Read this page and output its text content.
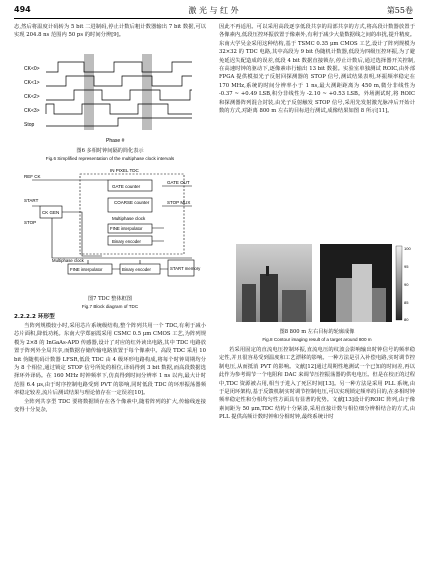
494	激 光 与 红 外	第55卷

态,然后将温度计码转为 5 bit 二进制码,停止计数后粗计数器输出 7 bit 数据,可以实现 204.8 ns 范围内 50 ps 的时间分辨[9]。

CK<0>
CK<1>
CK<2>
CK<3>
Stop
Phase #
图6 多相时钟间隔的简化表示
Fig.6 Simplified representation of the multiphase clock intervals
IN PIXEL TDC
REF CK
GATE counter
COARSE counter
GATE OUT
STOP MUX
START
STOP
CK GEN
Multiphase clock
FINE interpolator
Binary encoder
Multiphase clock
FINE interpolator	Binary encoder	START memory
图7 TDC 整体框图
Fig.7 Block diagram of TDC
2.2.2.2 环形型

当阵列规模较小时,采用芯片系统级结构,整个阵列共用一个 TDC,有利于减小芯片面积,降低功耗。东南大学郑丽霞采用 CSMC 0.5 μm CMOS 工艺,为阵列规模为 2×8 的 InGaAs-APD 传感器,设计了对应的红外读出电路,其中 TDC 电路放置于阵列外全局共享,而数据存储传输电路放置于每个像素中。高段 TDC 采用 10 bit 伪随机码计数器 LFSR,低段 TDC 由 4 级环形电路构成,将每个时钟周期均分为 8 个相位,通过锁定 STOP 信号所处的相位,译码得到 3 bit 数据,而高段数据选择环外译码。在 160 MHz 时钟频率下,仿真得到时间分辨率 1 ns 以内,最大计时范围 6.4 μs,由于时序控制电路受到 PVT 的影响,同时低段 TDC 的环形振荡器频率稳定较差,流片后测试结果与理论值存在一定误差[10]。

全阵列共享型 TDC 要将数据锁存在各个像素中,随着阵列的扩大,传输线连接变得十分复杂,

因此不再适用。可以采用高段逐享低段共享的局部共享的方式,将高段计数器放置于各像素内,低段压控环振放置于像素外,有利于减少大量数据线之间的串扰,提升精度。东南大学吴金采用这种结构,基于 TSMC 0.35 μm CMOS 工艺,设计了阵列规模为32×32 的 TDC 电路,其中高段为 9 bit 伪随机计数器,低段为四级压控环振,为了避免延迟失配造成的误差,低段 4 bit 数据直接锁存,停止计数后,通过选择器开关控制,在高速时钟的驱动下,逐像素串行输出 13 bit 数据。实验室单独测试 ROIC,由外部 FPGA 提供模拟光子反射回探测器的 STOP 信号,测试结果表明,环振频率稳定在170 MHz,系统的时间分辨率小于 1 ns,最大测距距离为 450 m,微分非线性为 -0.37 ~ +0.49 LSB,积分非线性为 -2.10 ~ +0.53 LSB。外场测试时,将 ROIC 和探测器阵列混合封装,由光子反射触发 STOP 信号,采用先发射激光脉冲后开始计数的方式,对距离 800 m 左右的目标进行测试,成像结果如图 8 所示[11]。

100
95
90
85
80
图8 800 m 左右目标的轮廓成像
Fig.8 Contour imaging result of a target around 800 m

若采用固定的直流电压控制环振,直流电压的纹波会影响输出时钟信号的频率稳定性,并且很容易受到温度和工艺漂移的影响。一种方法是引入补偿电路,实时调节控制电压,从而抵消 PVT 的影响。文献[12]通过周期性地测试一个已知的时间差,再以此作为参考调节一个电阻和 DAC 来调节压控振荡器的供电电压。但是在校正的过程中,TDC 资源被占用,相当于进入了死区时间[13]。另一种方法是采用 PLL 系统,由于是闭环架构,基于反馈机制实时调节控制电压,可以实现锁定频率的目的,在多相时钟频率稳定性和分相均匀性方面具有显著的优势。文献[13]设计的ROIC 阵列,由于像素间距为 50 μm,TDC 结构十分紧凑,采用直接计数与相位细分辨相结合的方式,由PLL 提供高频计数时钟和分相时钟,最终系统计时
